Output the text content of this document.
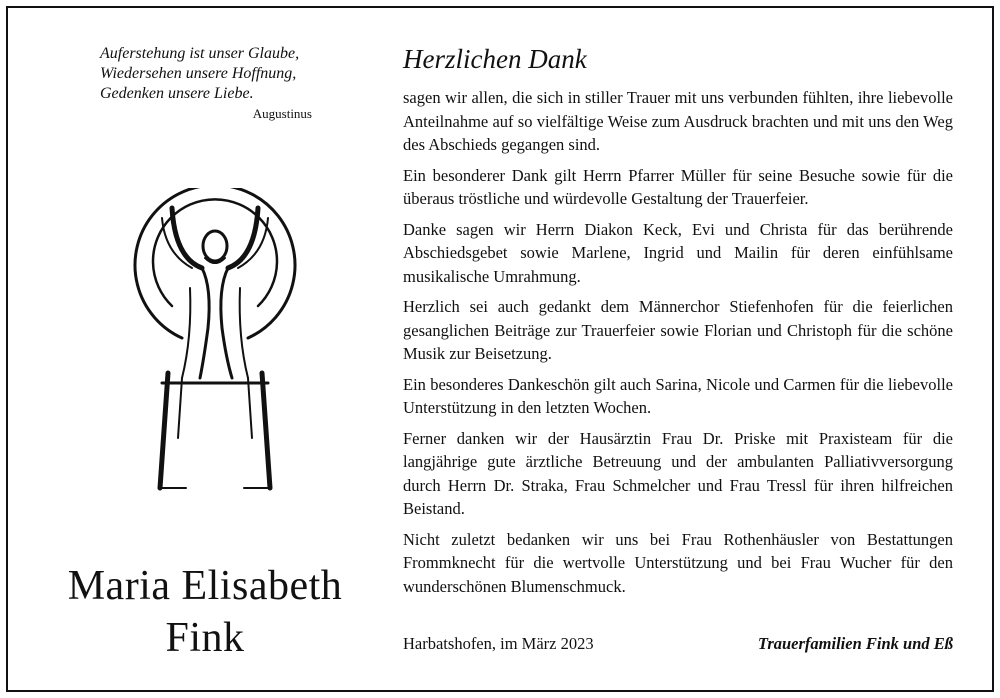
Auferstehung ist unser Glaube,
Wiedersehen unsere Hoffnung,
Gedenken unsere Liebe.
Augustinus
Maria Elisabeth
Fink
Herzlichen Dank

sagen wir allen, die sich in stiller Trauer mit uns verbunden fühlten, ihre liebevolle Anteilnahme auf so vielfältige Weise zum Ausdruck brachten und mit uns den Weg des Abschieds gegangen sind.

Ein besonderer Dank gilt Herrn Pfarrer Müller für seine Besuche sowie für die überaus tröstliche und würdevolle Gestaltung der Trauerfeier.

Danke sagen wir Herrn Diakon Keck, Evi und Christa für das berührende Abschiedsgebet sowie Marlene, Ingrid und Mailin für deren einfühlsame musikalische Umrahmung.

Herzlich sei auch gedankt dem Männerchor Stiefenhofen für die feierlichen gesanglichen Beiträge zur Trauerfeier sowie Florian und Christoph für die schöne Musik zur Beisetzung.

Ein besonderes Dankeschön gilt auch Sarina, Nicole und Carmen für die liebevolle Unterstützung in den letzten Wochen.

Ferner danken wir der Hausärztin Frau Dr. Priske mit Praxisteam für die langjährige gute ärztliche Betreuung und der ambulanten Palliativversorgung durch Herrn Dr. Straka, Frau Schmelcher und Frau Tressl für ihren hilfreichen Beistand.

Nicht zuletzt bedanken wir uns bei Frau Rothenhäusler von Bestattungen Frommknecht für die wertvolle Unterstützung und bei Frau Wucher für den wunderschönen Blumenschmuck.

Harbatshofen, im März 2023	Trauerfamilien Fink und Eß
